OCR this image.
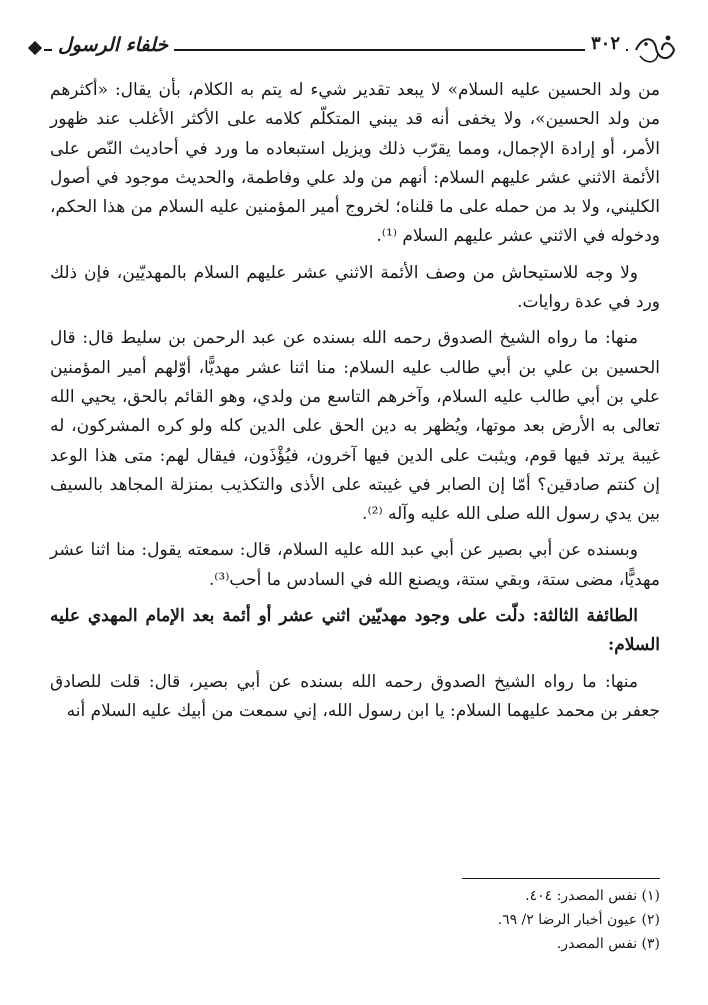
خلفاء الرسول	٣٠٢

من ولد الحسين عليه السلام» لا يبعد تقدير شيء له يتم به الكلام، بأن يقال: «أكثرهم من ولد الحسين»، ولا يخفى أنه قد يبني المتكلّم كلامه على الأكثر الأغلب عند ظهور الأمر، أو إرادة الإجمال، ومما يقرّب ذلك ويزيل استبعاده ما ورد في أحاديث النّص على الأئمة الاثني عشر عليهم السلام: أنهم من ولد علي وفاطمة، والحديث موجود في أصول الكليني، ولا بد من حمله على ما قلناه؛ لخروج أمير المؤمنين عليه السلام من هذا الحكم، ودخوله في الاثني عشر عليهم السلام ⁽¹⁾.

ولا وجه للاستيحاش من وصف الأئمة الاثني عشر عليهم السلام بالمهديّين، فإن ذلك ورد في عدة روايات.

منها: ما رواه الشيخ الصدوق رحمه الله بسنده عن عبد الرحمن بن سليط قال: قال الحسين بن علي بن أبي طالب عليه السلام: منا اثنا عشر مهديًّا، أوّلهم أمير المؤمنين علي بن أبي طالب عليه السلام، وآخرهم التاسع من ولدي، وهو القائم بالحق، يحيي الله تعالى به الأرض بعد موتها، ويُظهر به دين الحق على الدين كله ولو كره المشركون، له غيبة يرتد فيها قوم، ويثبت على الدين فيها آخرون، فيُؤْذَون، فيقال لهم: متى هذا الوعد إن كنتم صادقين؟ أمّا إن الصابر في غيبته على الأذى والتكذيب بمنزلة المجاهد بالسيف بين يدي رسول الله صلى الله عليه وآله ⁽²⁾.

وبسنده عن أبي بصير عن أبي عبد الله عليه السلام، قال: سمعته يقول: منا اثنا عشر مهديًّا، مضى ستة، وبقي ستة، ويصنع الله في السادس ما أحب⁽³⁾.

الطائفة الثالثة: دلّت على وجود مهديّين اثني عشر أو أئمة بعد الإمام المهدي عليه السلام:

منها: ما رواه الشيخ الصدوق رحمه الله بسنده عن أبي بصير، قال: قلت للصادق جعفر بن محمد عليهما السلام: يا ابن رسول الله، إني سمعت من أبيك عليه السلام أنه

(١) نفس المصدر: ٤٠٤.
(٢) عيون أخبار الرضا ٢/ ٦٩.
(٣) نفس المصدر.
